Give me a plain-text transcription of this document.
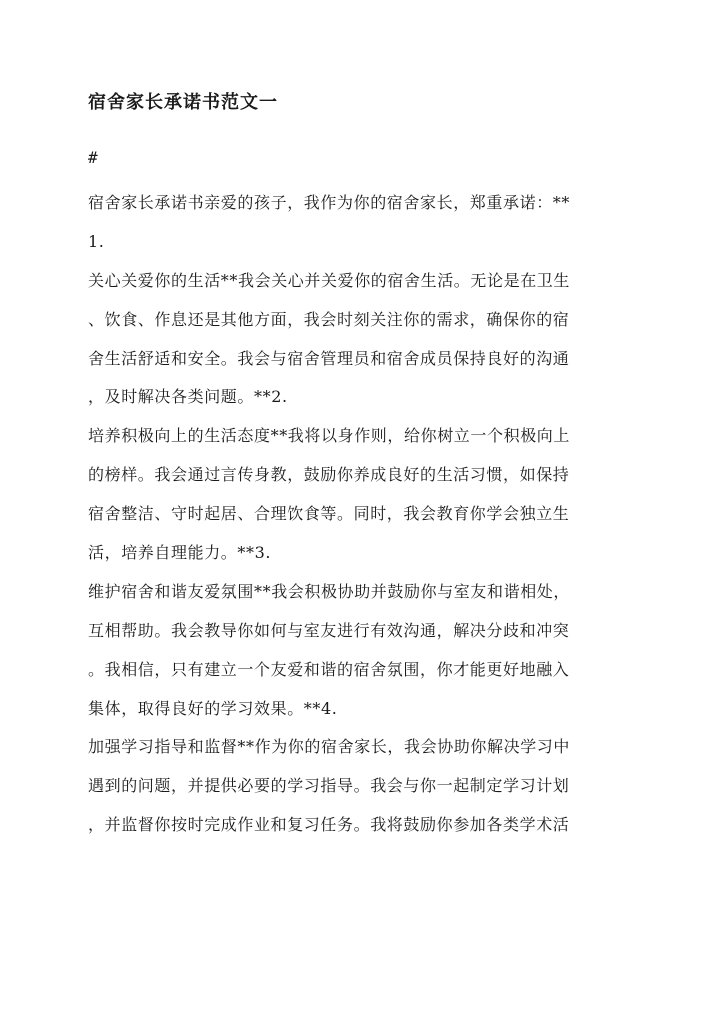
宿舍家长承诺书范文一
#
宿舍家长承诺书亲爱的孩子，我作为你的宿舍家长，郑重承诺：**
1.
关心关爱你的生活**我会关心并关爱你的宿舍生活。无论是在卫生
、饮食、作息还是其他方面，我会时刻关注你的需求，确保你的宿
舍生活舒适和安全。我会与宿舍管理员和宿舍成员保持良好的沟通
，及时解决各类问题。**2.
培养积极向上的生活态度**我将以身作则，给你树立一个积极向上
的榜样。我会通过言传身教，鼓励你养成良好的生活习惯，如保持
宿舍整洁、守时起居、合理饮食等。同时，我会教育你学会独立生
活，培养自理能力。**3.
维护宿舍和谐友爱氛围**我会积极协助并鼓励你与室友和谐相处，
互相帮助。我会教导你如何与室友进行有效沟通，解决分歧和冲突
。我相信，只有建立一个友爱和谐的宿舍氛围，你才能更好地融入
集体，取得良好的学习效果。**4.
加强学习指导和监督**作为你的宿舍家长，我会协助你解决学习中
遇到的问题，并提供必要的学习指导。我会与你一起制定学习计划
，并监督你按时完成作业和复习任务。我将鼓励你参加各类学术活
